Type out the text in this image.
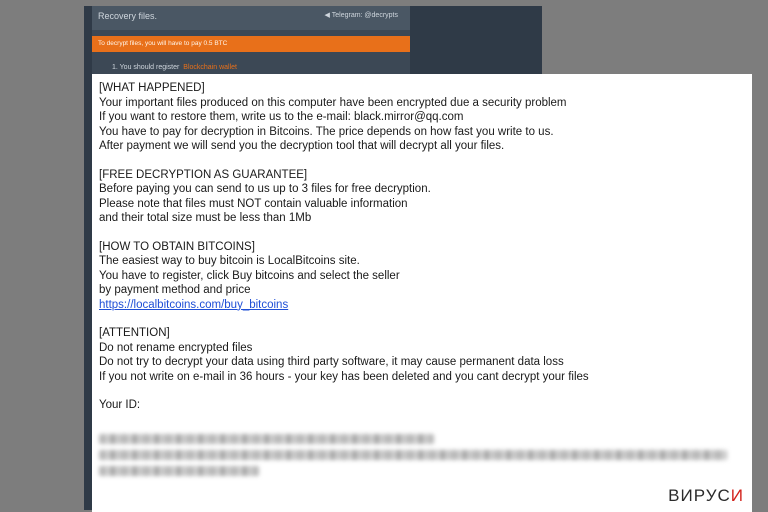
Recovery files.	◀ Telegram: @decrypts
To decrypt files, you will have to pay 0.5 BTC
1. You should register Blockchain wallet

[WHAT HAPPENED]

Your important files produced on this computer have been encrypted due a security problem

If you want to restore them, write us to the e-mail: black.mirror@qq.com

You have to pay for decryption in Bitcoins. The price depends on how fast you write to us.

After payment we will send you the decryption tool that will decrypt all your files.

[FREE DECRYPTION AS GUARANTEE]

Before paying you can send to us up to 3 files for free decryption.

Please note that files must NOT contain valuable information

and their total size must be less than 1Mb

[HOW TO OBTAIN BITCOINS]

The easiest way to buy bitcoin is LocalBitcoins site.

You have to register, click Buy bitcoins and select the seller

by payment method and price

https://localbitcoins.com/buy_bitcoins

[ATTENTION]

Do not rename encrypted files

Do not try to decrypt your data using third party software, it may cause permanent data loss

If you not write on e-mail in 36 hours - your key has been deleted and you cant decrypt your files

Your ID:

ВИРУСИ
